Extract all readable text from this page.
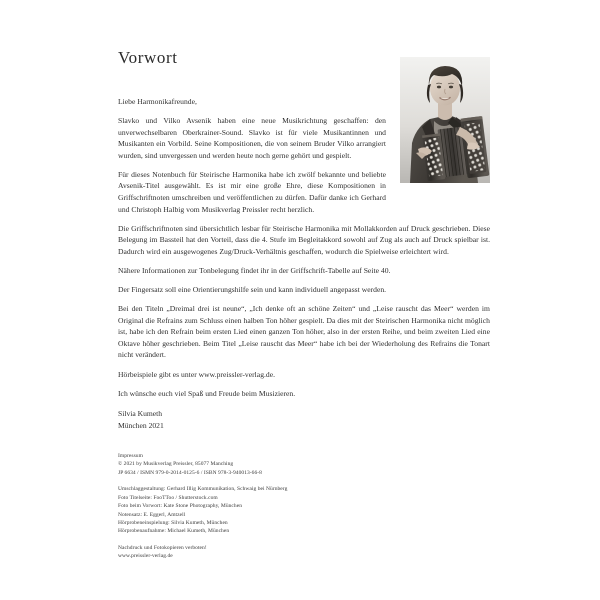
Vorwort

Liebe Harmonikafreunde,

Slavko und Vilko Avsenik haben eine neue Musikrichtung geschaffen: den unverwechselbaren Oberkrainer-Sound. Slavko ist für viele Musikantinnen und Musikanten ein Vorbild. Seine Kompositionen, die von seinem Bruder Vilko arrangiert wurden, sind unvergessen und werden heute noch gerne gehört und gespielt.

Für dieses Notenbuch für Steirische Harmonika habe ich zwölf bekannte und beliebte Avsenik-Titel ausgewählt. Es ist mir eine große Ehre, diese Kompositionen in Griffschriftnoten umschreiben und veröffentlichen zu dürfen. Dafür danke ich Gerhard und Christoph Halbig vom Musikverlag Preissler recht herzlich.

Die Griffschriftnoten sind übersichtlich lesbar für Steirische Harmonika mit Mollakkorden auf Druck geschrieben. Diese Belegung im Bassteil hat den Vorteil, dass die 4. Stufe im Begleitakkord sowohl auf Zug als auch auf Druck spielbar ist. Dadurch wird ein ausgewogenes Zug/Druck-Verhältnis geschaffen, wodurch die Spielweise erleichtert wird.

Nähere Informationen zur Tonbelegung findet ihr in der Griffschrift-Tabelle auf Seite 40.

Der Fingersatz soll eine Orientierungshilfe sein und kann individuell angepasst werden.

Bei den Titeln „Dreimal drei ist neune“, „Ich denke oft an schöne Zeiten“ und „Leise rauscht das Meer“ werden im Original die Refrains zum Schluss einen halben Ton höher gespielt. Da dies mit der Steirischen Harmonika nicht möglich ist, habe ich den Refrain beim ersten Lied einen ganzen Ton höher, also in der ersten Reihe, und beim zweiten Lied eine Oktave höher geschrieben. Beim Titel „Leise rauscht das Meer“ habe ich bei der Wiederholung des Refrains die Tonart nicht verändert.

Hörbeispiele gibt es unter www.preissler-verlag.de.

Ich wünsche euch viel Spaß und Freude beim Musizieren.

Silvia Kumeth
München 2021
Impressum
© 2021 by Musikverlag Preissler, 85077 Manching
JP 6634 / ISMN 979-0-2014-0125-6 / ISBN 978-3-940013-66-8
Umschlaggestaltung: Gerhard Illig Kommunikation, Schwaig bei Nürnberg
Foto Titelseite: FooTToo / Shutterstock.com
Foto beim Vorwort: Kate Stone Photography, München
Notensatz: E. Eggerl, Amtzell
Hörprobeneinspielung: Silvia Kumeth, München
Hörprobenaufnahme: Michael Kumeth, München
Nachdruck und Fotokopieren verboten!
www.preissler-verlag.de
